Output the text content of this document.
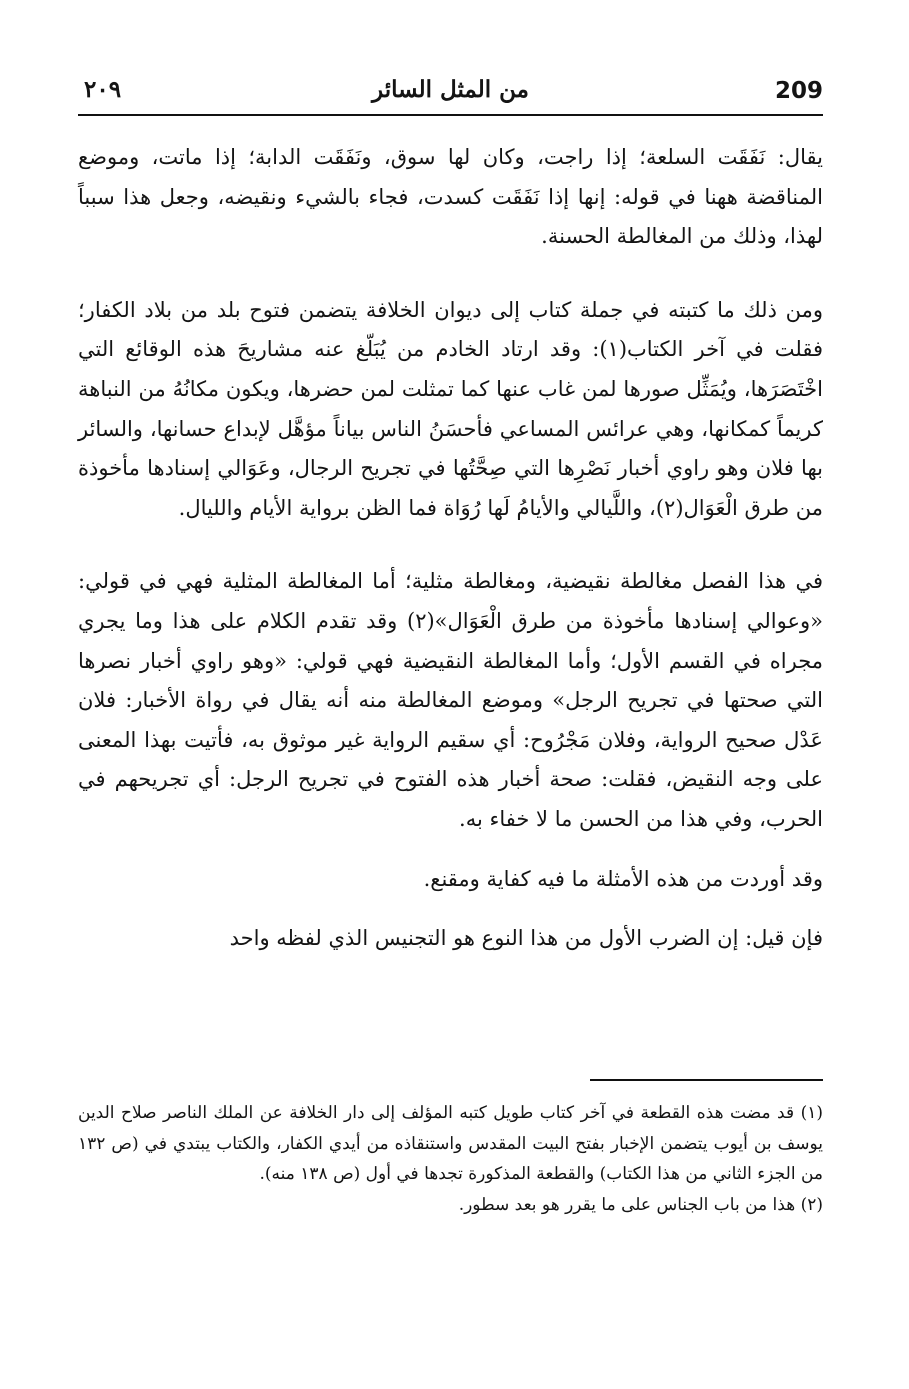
209
من المثل السائر
٢٠٩

يقال: نَفَقَت السلعة؛ إذا راجت، وكان لها سوق، ونَفَقَت الدابة؛ إذا ماتت، وموضع المناقضة ههنا في قوله: إنها إذا نَفَقَت كسدت، فجاء بالشيء ونقيضه، وجعل هذا سبباً لهذا، وذلك من المغالطة الحسنة.

ومن ذلك ما كتبته في جملة كتاب إلى ديوان الخلافة يتضمن فتوح بلد من بلاد الكفار؛ فقلت في آخر الكتاب(١): وقد ارتاد الخادم من يُبَلّغ عنه مشاريحَ هذه الوقائع التي اخْتَصَرَها، ويُمَثِّل صورها لمن غاب عنها كما تمثلت لمن حضرها، ويكون مكانُهُ من النباهة كريماً كمكانها، وهي عرائس المساعي فأحسَنُ الناس بياناً مؤهَّل لإبداع حسانها، والسائر بها فلان وهو راوي أخبار نَصْرِها التي صِحَّتُها في تجريح الرجال، وعَوَالي إسنادها مأخوذة من طرق الْعَوَال(٢)، واللَّيالي والأيامُ لَها رُوَاة فما الظن برواية الأيام والليال.

في هذا الفصل مغالطة نقيضية، ومغالطة مثلية؛ أما المغالطة المثلية فهي في قولي: «وعوالي إسنادها مأخوذة من طرق الْعَوَال»(٢) وقد تقدم الكلام على هذا وما يجري مجراه في القسم الأول؛ وأما المغالطة النقيضية فهي قولي: «وهو راوي أخبار نصرها التي صحتها في تجريح الرجل» وموضع المغالطة منه أنه يقال في رواة الأخبار: فلان عَدْل صحيح الرواية، وفلان مَجْرُوح: أي سقيم الرواية غير موثوق به، فأتيت بهذا المعنى على وجه النقيض، فقلت: صحة أخبار هذه الفتوح في تجريح الرجل: أي تجريحهم في الحرب، وفي هذا من الحسن ما لا خفاء به.

وقد أوردت من هذه الأمثلة ما فيه كفاية ومقنع.

فإن قيل: إن الضرب الأول من هذا النوع هو التجنيس الذي لفظه واحد

(١) قد مضت هذه القطعة في آخر كتاب طويل كتبه المؤلف إلى دار الخلافة عن الملك الناصر صلاح الدين يوسف بن أيوب يتضمن الإخبار بفتح البيت المقدس واستنقاذه من أيدي الكفار، والكتاب يبتدي في (ص ١٣٢ من الجزء الثاني من هذا الكتاب) والقطعة المذكورة تجدها في أول (ص ١٣٨ منه).

(٢) هذا من باب الجناس على ما يقرر هو بعد سطور.
